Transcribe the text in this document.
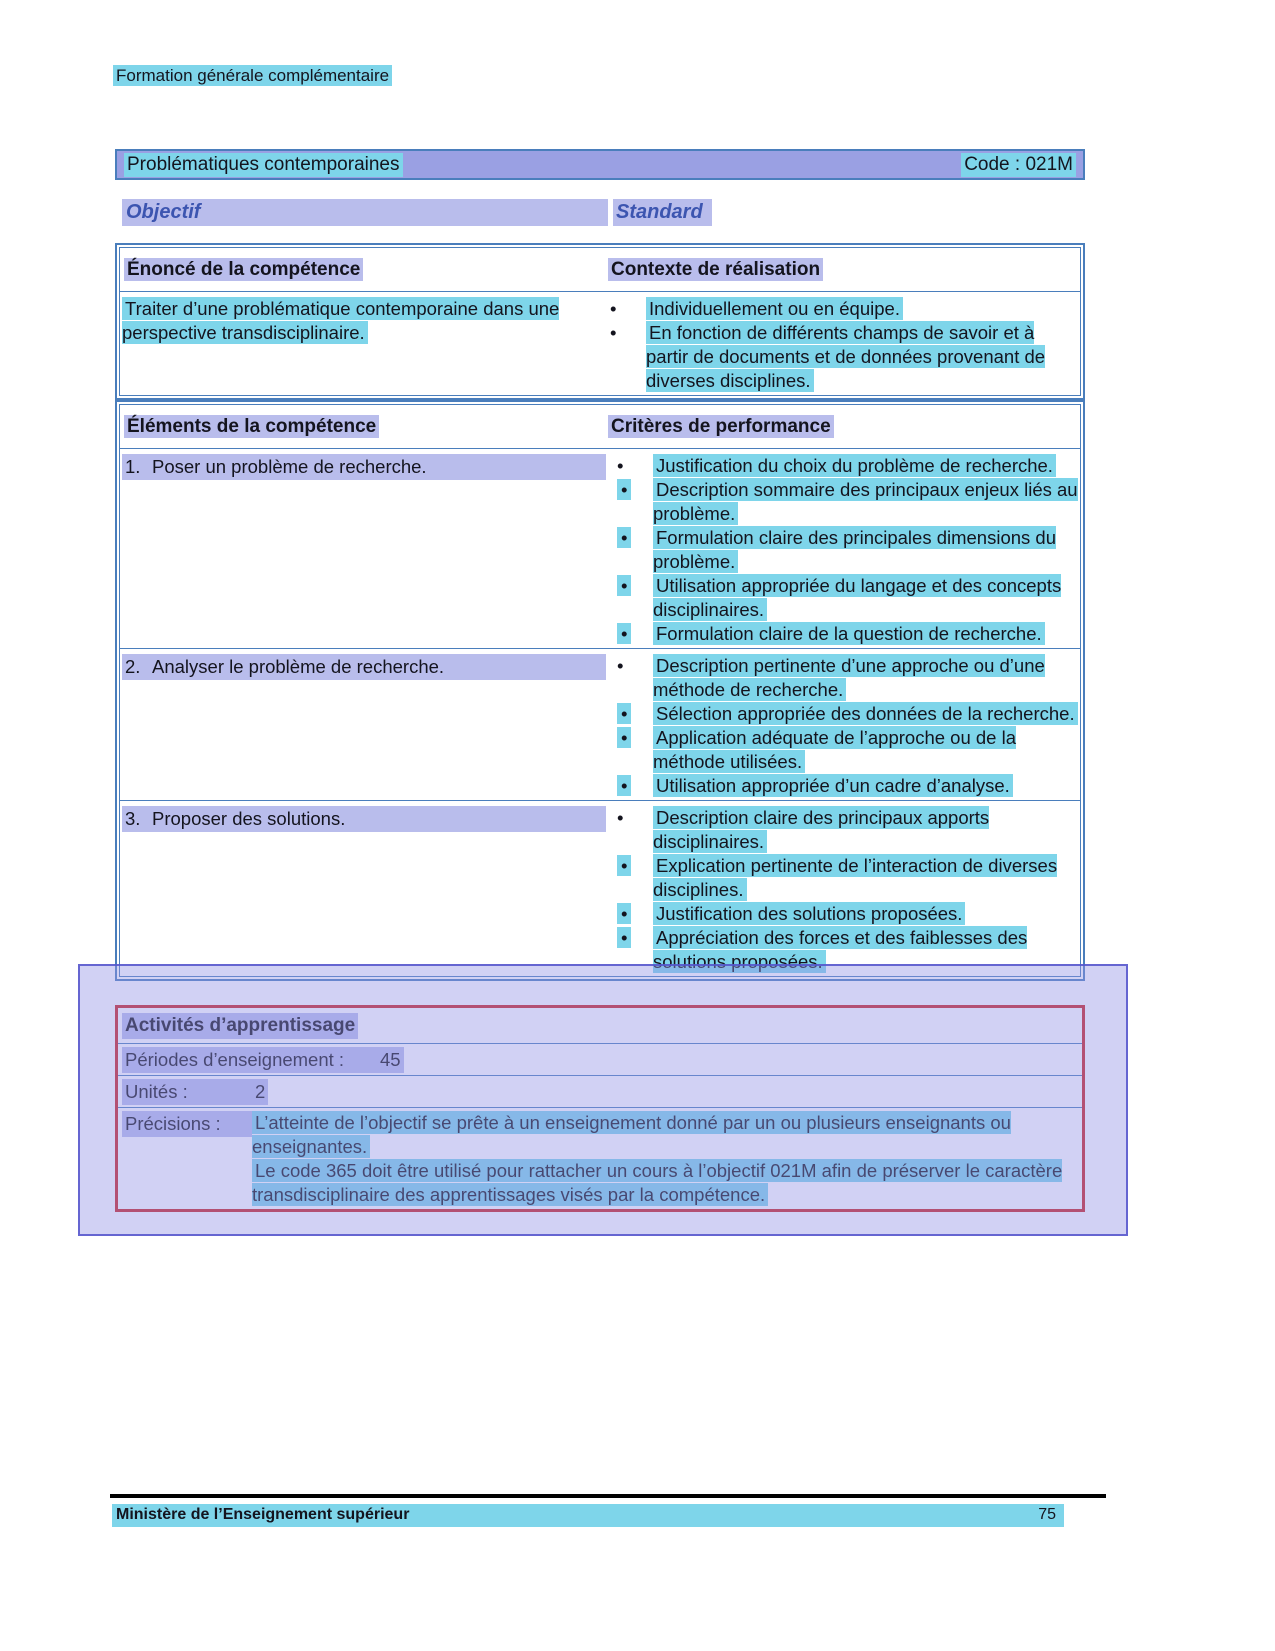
Formation générale complémentaire
Problématiques contemporaines	Code : 021M
Objectif	Standard
Énoncé de la compétence	Contexte de réalisation
Traiter d’une problématique contemporaine dans une perspective transdisciplinaire.
•
Individuellement ou en équipe.
•
En fonction de différents champs de savoir et à partir de documents et de données provenant de diverses disciplines.
Éléments de la compétence	Critères de performance
1. Poser un problème de recherche. •	Justification du choix du problème de recherche.
•
Description sommaire des principaux enjeux liés au problème.
•
Formulation claire des principales dimensions du problème.
•
Utilisation appropriée du langage et des concepts disciplinaires.
•
Formulation claire de la question de recherche.
2. Analyser le problème de recherche. •	Description pertinente d’une approche ou d’une méthode de recherche.
•
Sélection appropriée des données de la recherche.
•
Application adéquate de l’approche ou de la méthode utilisées.
•
Utilisation appropriée d’un cadre d’analyse.
3. Proposer des solutions. •	Description claire des principaux apports disciplinaires.
•
Explication pertinente de l’interaction de diverses disciplines.
•
Justification des solutions proposées.
•
Appréciation des forces et des faiblesses des solutions proposées.
Activités d’apprentissage
Périodes d’enseignement :	45
Unités :	2
Précisions :	L’atteinte de l’objectif se prête à un enseignement donné par un ou plusieurs enseignants ou enseignantes.
Le code 365 doit être utilisé pour rattacher un cours à l’objectif 021M afin de préserver le caractère transdisciplinaire des apprentissages visés par la compétence.
Ministère de l’Enseignement supérieur	75
